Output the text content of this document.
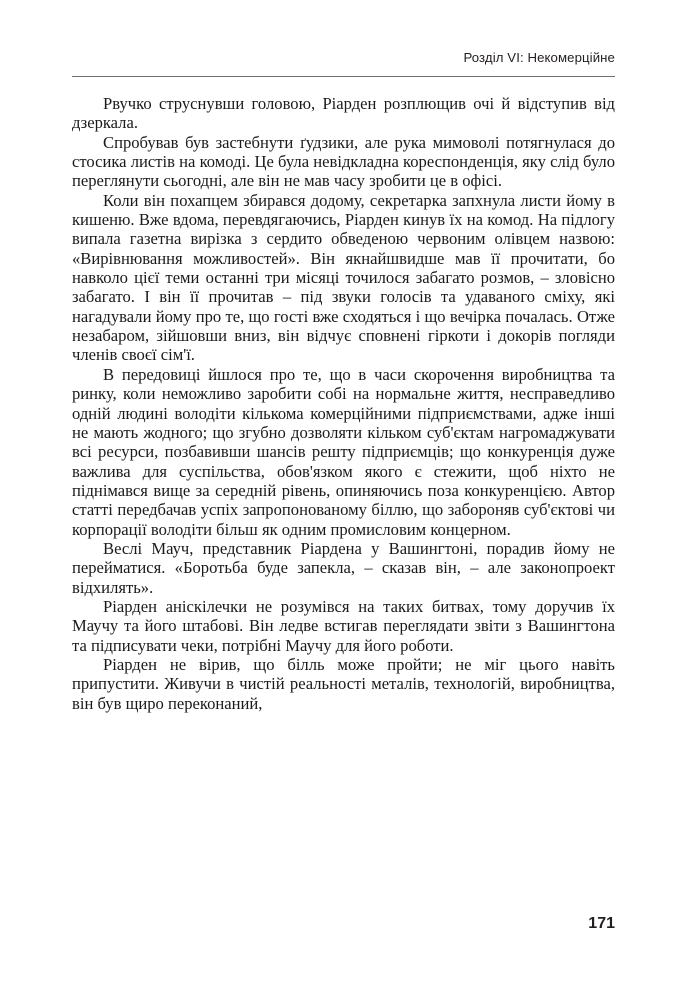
Розділ VI: Некомерційне

Рвучко струснувши головою, Ріарден розплющив очі й відступив від дзеркала.

Спробував був застебнути ґудзики, але рука мимоволі потягнулася до стосика листів на комоді. Це була невідкладна кореспонденція, яку слід було переглянути сьогодні, але він не мав часу зробити це в офісі.

Коли він похапцем збирався додому, секретарка запхнула листи йому в кишеню. Вже вдома, перевдягаючись, Ріарден кинув їх на комод. На підлогу випала газетна вирізка з сердито обведеною червоним олівцем назвою: «Вирівнювання можливостей». Він якнайшвидше мав її прочитати, бо навколо цієї теми останні три місяці точилося забагато розмов, – зловісно забагато. І він її прочитав – під звуки голосів та удаваного сміху, які нагадували йому про те, що гості вже сходяться і що вечірка почалась. Отже незабаром, зійшовши вниз, він відчує сповнені гіркоти і докорів погляди членів своєї сім'ї.

В передовиці йшлося про те, що в часи скорочення виробництва та ринку, коли неможливо заробити собі на нормальне життя, несправедливо одній людині володіти кількома комерційними підприємствами, адже інші не мають жодного; що згубно дозволяти кільком суб'єктам нагромаджувати всі ресурси, позбавивши шансів решту підприємців; що конкуренція дуже важлива для суспільства, обов'язком якого є стежити, щоб ніхто не піднімався вище за середній рівень, опиняючись поза конкуренцією. Автор статті передбачав успіх запропонованому біллю, що забороняв суб'єктові чи корпорації володіти більш як одним промисловим концерном.

Веслі Мауч, представник Ріардена у Вашингтоні, порадив йому не перейматися. «Боротьба буде запекла, – сказав він, – але законопроект відхилять».

Ріарден аніскілечки не розумівся на таких битвах, тому доручив їх Маучу та його штабові. Він ледве встигав переглядати звіти з Вашингтона та підписувати чеки, потрібні Маучу для його роботи.

Ріарден не вірив, що білль може пройти; не міг цього навіть припустити. Живучи в чистій реальності металів, технологій, виробництва, він був щиро переконаний,

171
